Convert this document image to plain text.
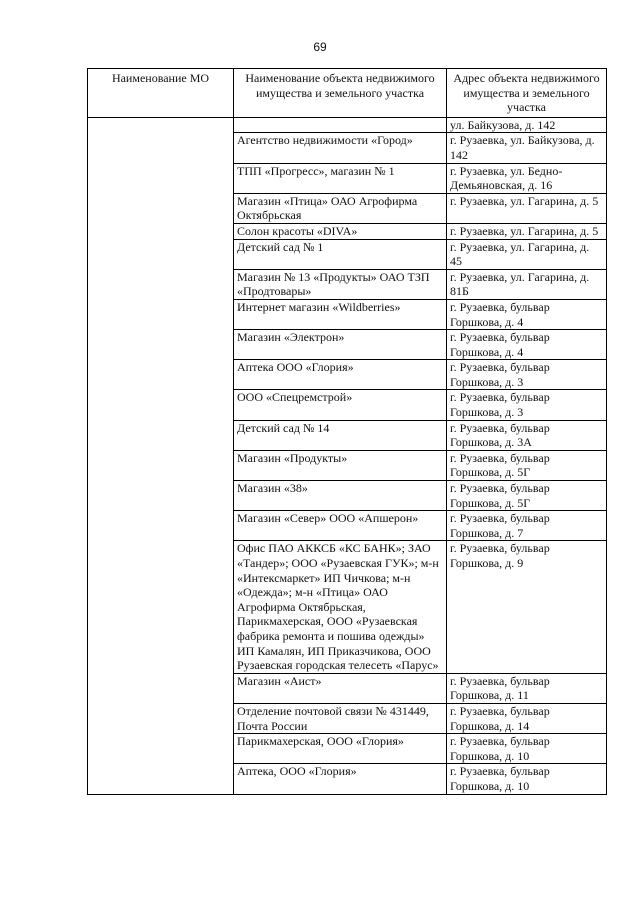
69
Наименование МО	Наименование объекта недвижимого имущества и земельного участка	Адрес объекта недвижимого имущества и земельного участка
		ул. Байкузова, д. 142
	Агентство недвижимости «Город»	г. Рузаевка, ул. Байкузова, д. 142
	ТПП «Прогресс», магазин № 1	г. Рузаевка, ул. Бедно-Демьяновская, д. 16
	Магазин «Птица» ОАО Агрофирма Октябрьская	г. Рузаевка, ул. Гагарина, д. 5
	Солон красоты «DIVA»	г. Рузаевка, ул. Гагарина, д. 5
	Детский сад № 1	г. Рузаевка, ул. Гагарина, д. 45
	Магазин № 13 «Продукты» ОАО ТЗП «Продтовары»	г. Рузаевка, ул. Гагарина, д. 81Б
	Интернет магазин «Wildberries»	г. Рузаевка, бульвар Горшкова, д. 4
	Магазин «Электрон»	г. Рузаевка, бульвар Горшкова, д. 4
	Аптека ООО «Глория»	г. Рузаевка, бульвар Горшкова, д. 3
	ООО «Спецремстрой»	г. Рузаевка, бульвар Горшкова, д. 3
	Детский сад № 14	г. Рузаевка, бульвар Горшкова, д. 3А
	Магазин «Продукты»	г. Рузаевка, бульвар Горшкова, д. 5Г
	Магазин «38»	г. Рузаевка, бульвар Горшкова, д. 5Г
	Магазин «Север» ООО «Апшерон»	г. Рузаевка, бульвар Горшкова, д. 7
	Офис ПАО АККСБ «КС БАНК»; ЗАО «Тандер»; ООО «Рузаевская ГУК»; м-н «Интексмаркет» ИП Чичкова; м-н «Одежда»; м-н «Птица» ОАО Агрофирма Октябрьская, Парикмахерская, ООО «Рузаевская фабрика ремонта и пошива одежды» ИП Камалян, ИП Приказчикова, ООО Рузаевская городская телесеть «Парус»	г. Рузаевка, бульвар Горшкова, д. 9
	Магазин «Аист»	г. Рузаевка, бульвар Горшкова, д. 11
	Отделение почтовой связи № 431449, Почта России	г. Рузаевка, бульвар Горшкова, д. 14
	Парикмахерская, ООО «Глория»	г. Рузаевка, бульвар Горшкова, д. 10
	Аптека, ООО «Глория»	г. Рузаевка, бульвар Горшкова, д. 10
